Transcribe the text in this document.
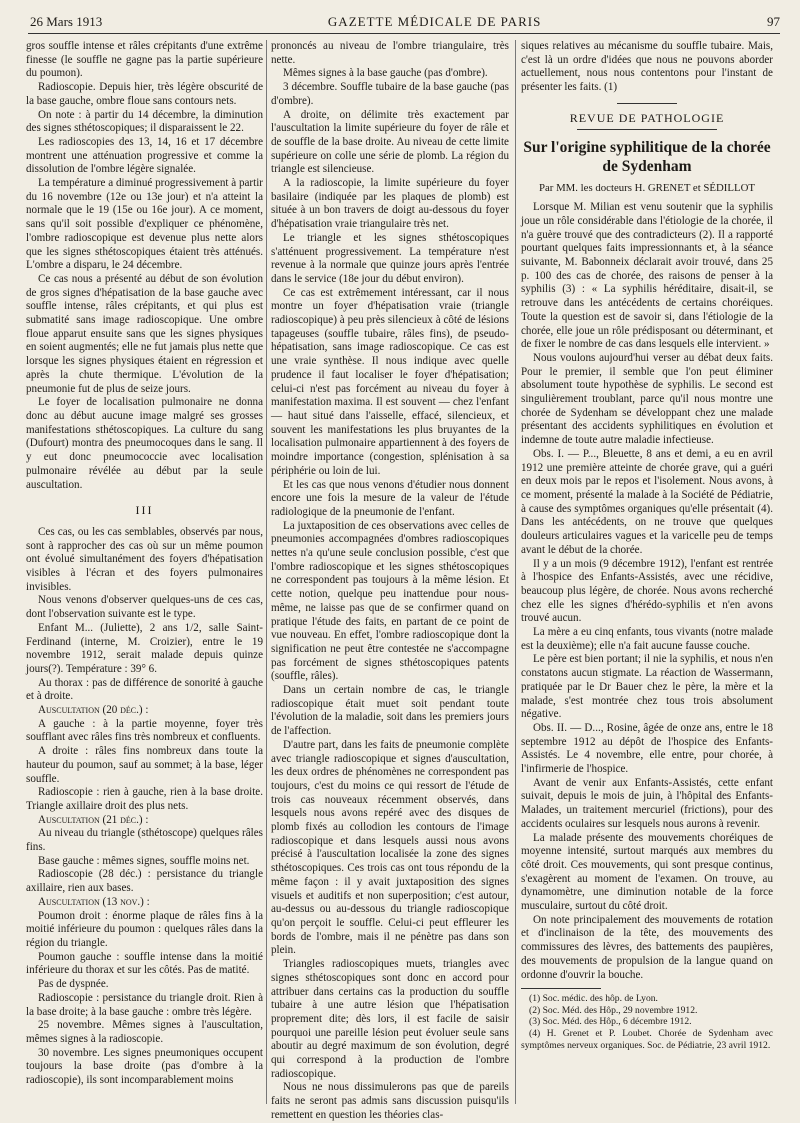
26 Mars 1913	GAZETTE MÉDICALE DE PARIS	97

gros souffle intense et râles crépitants d'une extrême finesse (le souffle ne gagne pas la partie supérieure du poumon).

Radioscopie. Depuis hier, très légère obscurité de la base gauche, ombre floue sans contours nets.

On note : à partir du 14 décembre, la diminution des signes sthétoscopiques; il disparaissent le 22.

Les radioscopies des 13, 14, 16 et 17 décembre montrent une atténuation progressive et comme la dissolution de l'ombre légère signalée.

La température a diminué progressivement à partir du 16 novembre (12e ou 13e jour) et n'a atteint la normale que le 19 (15e ou 16e jour). A ce moment, sans qu'il soit possible d'expliquer ce phénomène, l'ombre radioscopique est devenue plus nette alors que les signes sthétoscopiques étaient très atténués. L'ombre a disparu, le 24 décembre.

Ce cas nous a présenté au début de son évolution de gros signes d'hépatisation de la base gauche avec souffle intense, râles crépitants, et qui plus est submatité sans image radioscopique. Une ombre floue apparut ensuite sans que les signes physiques en soient augmentés; elle ne fut jamais plus nette que lorsque les signes physiques étaient en régression et après la chute thermique. L'évolution de la pneumonie fut de plus de seize jours.

Le foyer de localisation pulmonaire ne donna donc au début aucune image malgré ses grosses manifestations sthétoscopiques. La culture du sang (Dufourt) montra des pneumocoques dans le sang. Il y eut donc pneumococcie avec localisation pulmonaire révélée au début par la seule auscultation.

III

Ces cas, ou les cas semblables, observés par nous, sont à rapprocher des cas où sur un même poumon ont évolué simultanément des foyers d'hépatisation visibles à l'écran et des foyers pulmonaires invisibles.

Nous venons d'observer quelques-uns de ces cas, dont l'observation suivante est le type.

Enfant M... (Juliette), 2 ans 1/2, salle Saint-Ferdinand (interne, M. Croizier), entre le 19 novembre 1912, serait malade depuis quinze jours(?). Température : 39° 6.

Au thorax : pas de différence de sonorité à gauche et à droite.

Auscultation (20 déc.) :

A gauche : à la partie moyenne, foyer très soufflant avec râles fins très nombreux et confluents.

A droite : râles fins nombreux dans toute la hauteur du poumon, sauf au sommet; à la base, léger souffle.

Radioscopie : rien à gauche, rien à la base droite. Triangle axillaire droit des plus nets.

Auscultation (21 déc.) :

Au niveau du triangle (sthétoscope) quelques râles fins.

Base gauche : mêmes signes, souffle moins net.

Radioscopie (28 déc.) : persistance du triangle axillaire, rien aux bases.

Auscultation (13 nov.) :

Poumon droit : énorme plaque de râles fins à la moitié inférieure du poumon : quelques râles dans la région du triangle.

Poumon gauche : souffle intense dans la moitié inférieure du thorax et sur les côtés. Pas de matité.

Pas de dyspnée.

Radioscopie : persistance du triangle droit. Rien à la base droite; à la base gauche : ombre très légère.

25 novembre. Mêmes signes à l'auscultation, mêmes signes à la radioscopie.

30 novembre. Les signes pneumoniques occupent toujours la base droite (pas d'ombre à la radioscopie), ils sont incomparablement moins

prononcés au niveau de l'ombre triangulaire, très nette.

Mêmes signes à la base gauche (pas d'ombre).

3 décembre. Souffle tubaire de la base gauche (pas d'ombre).

A droite, on délimite très exactement par l'auscultation la limite supérieure du foyer de râle et de souffle de la base droite. Au niveau de cette limite supérieure on colle une série de plomb. La région du triangle est silencieuse.

A la radioscopie, la limite supérieure du foyer basilaire (indiquée par les plaques de plomb) est située à un bon travers de doigt au-dessous du foyer d'hépatisation vraie triangulaire très net.

Le triangle et les signes sthétoscopiques s'atténuent progressivement. La température n'est revenue à la normale que quinze jours après l'entrée dans le service (18e jour du début environ).

Ce cas est extrêmement intéressant, car il nous montre un foyer d'hépatisation vraie (triangle radioscopique) à peu près silencieux à côté de lésions tapageuses (souffle tubaire, râles fins), de pseudo-hépatisation, sans image radioscopique. Ce cas est une vraie synthèse. Il nous indique avec quelle prudence il faut localiser le foyer d'hépatisation; celui-ci n'est pas forcément au niveau du foyer à manifestation maxima. Il est souvent — chez l'enfant — haut situé dans l'aisselle, effacé, silencieux, et souvent les manifestations les plus bruyantes de la localisation pulmonaire appartiennent à des foyers de moindre importance (congestion, splénisation à sa périphérie ou loin de lui.

Et les cas que nous venons d'étudier nous donnent encore une fois la mesure de la valeur de l'étude radiologique de la pneumonie de l'enfant.

La juxtaposition de ces observations avec celles de pneumonies accompagnées d'ombres radioscopiques nettes n'a qu'une seule conclusion possible, c'est que l'ombre radioscopique et les signes sthétoscopiques ne correspondent pas toujours à la même lésion. Et cette notion, quelque peu inattendue pour nous-même, ne laisse pas que de se confirmer quand on pratique l'étude des faits, en partant de ce point de vue nouveau. En effet, l'ombre radioscopique dont la signification ne peut être contestée ne s'accompagne pas forcément de signes sthétoscopiques patents (souffle, râles).

Dans un certain nombre de cas, le triangle radioscopique était muet soit pendant toute l'évolution de la maladie, soit dans les premiers jours de l'affection.

D'autre part, dans les faits de pneumonie complète avec triangle radioscopique et signes d'auscultation, les deux ordres de phénomènes ne correspondent pas toujours, c'est du moins ce qui ressort de l'étude de trois cas nouveaux récemment observés, dans lesquels nous avons repéré avec des disques de plomb fixés au collodion les contours de l'image radioscopique et dans lesquels aussi nous avons précisé à l'auscultation localisée la zone des signes sthétoscopiques. Ces trois cas ont tous répondu de la même façon : il y avait juxtaposition des signes visuels et auditifs et non superposition; c'est autour, au-dessus ou au-dessous du triangle radioscopique qu'on perçoit le souffle. Celui-ci peut effleurer les bords de l'ombre, mais il ne pénètre pas dans son plein.

Triangles radioscopiques muets, triangles avec signes sthétoscopiques sont donc en accord pour attribuer dans certains cas la production du souffle tubaire à une autre lésion que l'hépatisation proprement dite; dès lors, il est facile de saisir pourquoi une pareille lésion peut évoluer seule sans aboutir au degré maximum de son évolution, degré qui correspond à la production de l'ombre radioscopique.

Nous ne nous dissimulerons pas que de pareils faits ne seront pas admis sans discussion puisqu'ils remettent en question les théories clas-

siques relatives au mécanisme du souffle tubaire. Mais, c'est là un ordre d'idées que nous ne pouvons aborder actuellement, nous nous contentons pour l'instant de présenter les faits. (1)

REVUE DE PATHOLOGIE
Sur l'origine syphilitique de la chorée de Sydenham
Par MM. les docteurs H. GRENET et SÉDILLOT

Lorsque M. Milian est venu soutenir que la syphilis joue un rôle considérable dans l'étiologie de la chorée, il n'a guère trouvé que des contradicteurs (2). Il a rapporté pourtant quelques faits impressionnants et, à la séance suivante, M. Babonneix déclarait avoir trouvé, dans 25 p. 100 des cas de chorée, des raisons de penser à la syphilis (3) : « La syphilis héréditaire, disait-il, se retrouve dans les antécédents de certains choréiques. Toute la question est de savoir si, dans l'étiologie de la chorée, elle joue un rôle prédisposant ou déterminant, et de fixer le nombre de cas dans lesquels elle intervient. »

Nous voulons aujourd'hui verser au débat deux faits. Pour le premier, il semble que l'on peut éliminer absolument toute hypothèse de syphilis. Le second est singulièrement troublant, parce qu'il nous montre une chorée de Sydenham se développant chez une malade présentant des accidents syphilitiques en évolution et indemne de toute autre maladie infectieuse.

Obs. I. — P..., Bleuette, 8 ans et demi, a eu en avril 1912 une première atteinte de chorée grave, qui a guéri en deux mois par le repos et l'isolement. Nous avons, à ce moment, présenté la malade à la Société de Pédiatrie, à cause des symptômes organiques qu'elle présentait (4). Dans les antécédents, on ne trouve que quelques douleurs articulaires vagues et la varicelle peu de temps avant le début de la chorée.

Il y a un mois (9 décembre 1912), l'enfant est rentrée à l'hospice des Enfants-Assistés, avec une récidive, beaucoup plus légère, de chorée. Nous avons recherché chez elle les signes d'hérédo-syphilis et n'en avons trouvé aucun.

La mère a eu cinq enfants, tous vivants (notre malade est la deuxième); elle n'a fait aucune fausse couche.

Le père est bien portant; il nie la syphilis, et nous n'en constatons aucun stigmate. La réaction de Wassermann, pratiquée par le Dr Bauer chez le père, la mère et la malade, s'est montrée chez tous trois absolument négative.

Obs. II. — D..., Rosine, âgée de onze ans, entre le 18 septembre 1912 au dépôt de l'hospice des Enfants-Assistés. Le 4 novembre, elle entre, pour chorée, à l'infirmerie de l'hospice.

Avant de venir aux Enfants-Assistés, cette enfant suivait, depuis le mois de juin, à l'hôpital des Enfants-Malades, un traitement mercuriel (frictions), pour des accidents oculaires sur lesquels nous aurons à revenir.

La malade présente des mouvements choréiques de moyenne intensité, surtout marqués aux membres du côté droit. Ces mouvements, qui sont presque continus, s'exagèrent au moment de l'examen. On trouve, au dynamomètre, une diminution notable de la force musculaire, surtout du côté droit.

On note principalement des mouvements de rotation et d'inclinaison de la tête, des mouvements des commissures des lèvres, des battements des paupières, des mouvements de propulsion de la langue quand on ordonne d'ouvrir la bouche.

(1) Soc. médic. des hôp. de Lyon.

(2) Soc. Méd. des Hôp., 29 novembre 1912.

(3) Soc. Méd. des Hôp., 6 décembre 1912.

(4) H. Grenet et P. Loubet. Chorée de Sydenham avec symptômes nerveux organiques. Soc. de Pédiatrie, 23 avril 1912.
